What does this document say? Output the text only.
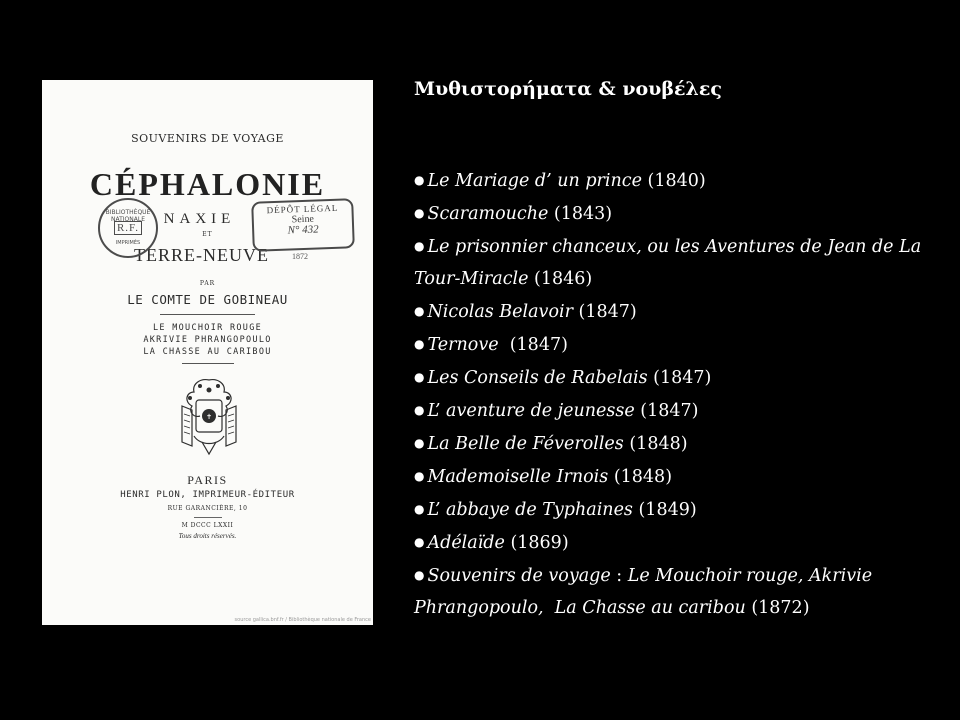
SOUVENIRS DE VOYAGE
CÉPHALONIE
NAXIE
ET
TERRE-NEUVE
PAR
LE COMTE DE GOBINEAU
LE MOUCHOIR ROUGE
AKRIVIE PHRANGOPOULO
LA CHASSE AU CARIBOU
✝
PARIS
HENRI PLON, IMPRIMEUR-ÉDITEUR
RUE GARANCIÈRE, 10
M DCCC LXXII
Tous droits réservés.
BIBLIOTHÈQUE NATIONALE
R.F.
IMPRIMÉS
DÉPÔT LÉGAL
Seine
N° 432
1872
source gallica.bnf.fr / Bibliothèque nationale de France
Μυθιστορήματα & νουβέλες
● Le Mariage d’ un prince (1840)
● Scaramouche (1843)
● Le prisonnier chanceux, ou les Aventures de Jean de La Tour-Miracle (1846)
● Nicolas Belavoir (1847)
● Ternove  (1847)
● Les Conseils de Rabelais (1847)
● L’ aventure de jeunesse (1847)
● La Belle de Féverolles (1848)
● Mademoiselle Irnois (1848)
● L’ abbaye de Typhaines (1849)
● Adélaïde (1869)
● Souvenirs de voyage : Le Mouchoir rouge, Akrivie Phrangopoulo,  La Chasse au caribou (1872)
